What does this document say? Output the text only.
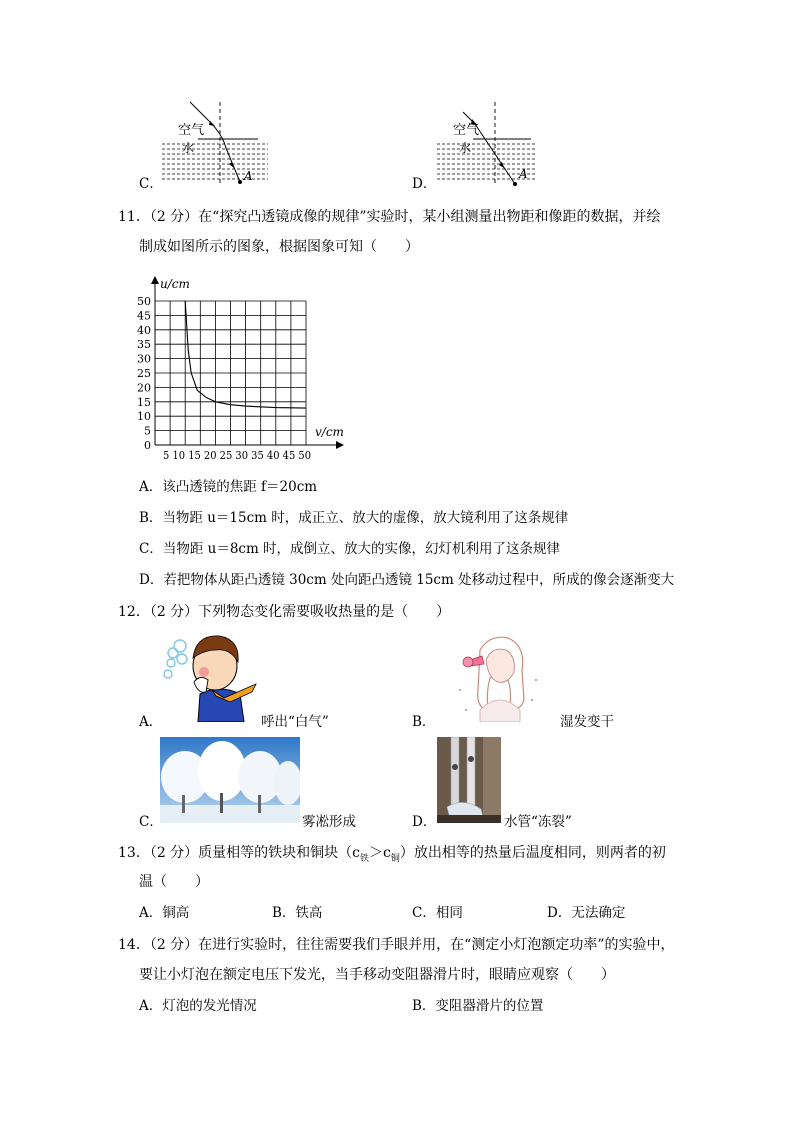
空气
水
A
C．
空气
水
A
D．
11．（2 分）在“探究凸透镜成像的规律”实验时，某小组测量出物距和像距的数据，并绘
制成如图所示的图象，根据图象可知（　　）
0
5
10
15
20
25
30
35
40
45
50
u/cm
v/cm
5 10 15 20 25 30 35 40 45 50
A．该凸透镜的焦距 f＝20cm
B．当物距 u＝15cm 时，成正立、放大的虚像，放大镜利用了这条规律
C．当物距 u＝8cm 时，成倒立、放大的实像，幻灯机利用了这条规律
D．若把物体从距凸透镜 30cm 处向距凸透镜 15cm 处移动过程中，所成的像会逐渐变大
12．（2 分）下列物态变化需要吸收热量的是（　　）
A．	呼出“白气”	B．	湿发变干
C．	雾凇形成	D．	水管“冻裂”
13．（2 分）质量相等的铁块和铜块$(c_铁>c_铜)$放出相等的热量后温度相同，则两者的初
温（　　）
A．铜高	B．铁高	C．相同	D．无法确定
14．（2 分）在进行实验时，往往需要我们手眼并用，在“测定小灯泡额定功率”的实验中，
要让小灯泡在额定电压下发光，当手移动变阻器滑片时，眼睛应观察（　　）
A．灯泡的发光情况	B．变阻器滑片的位置
